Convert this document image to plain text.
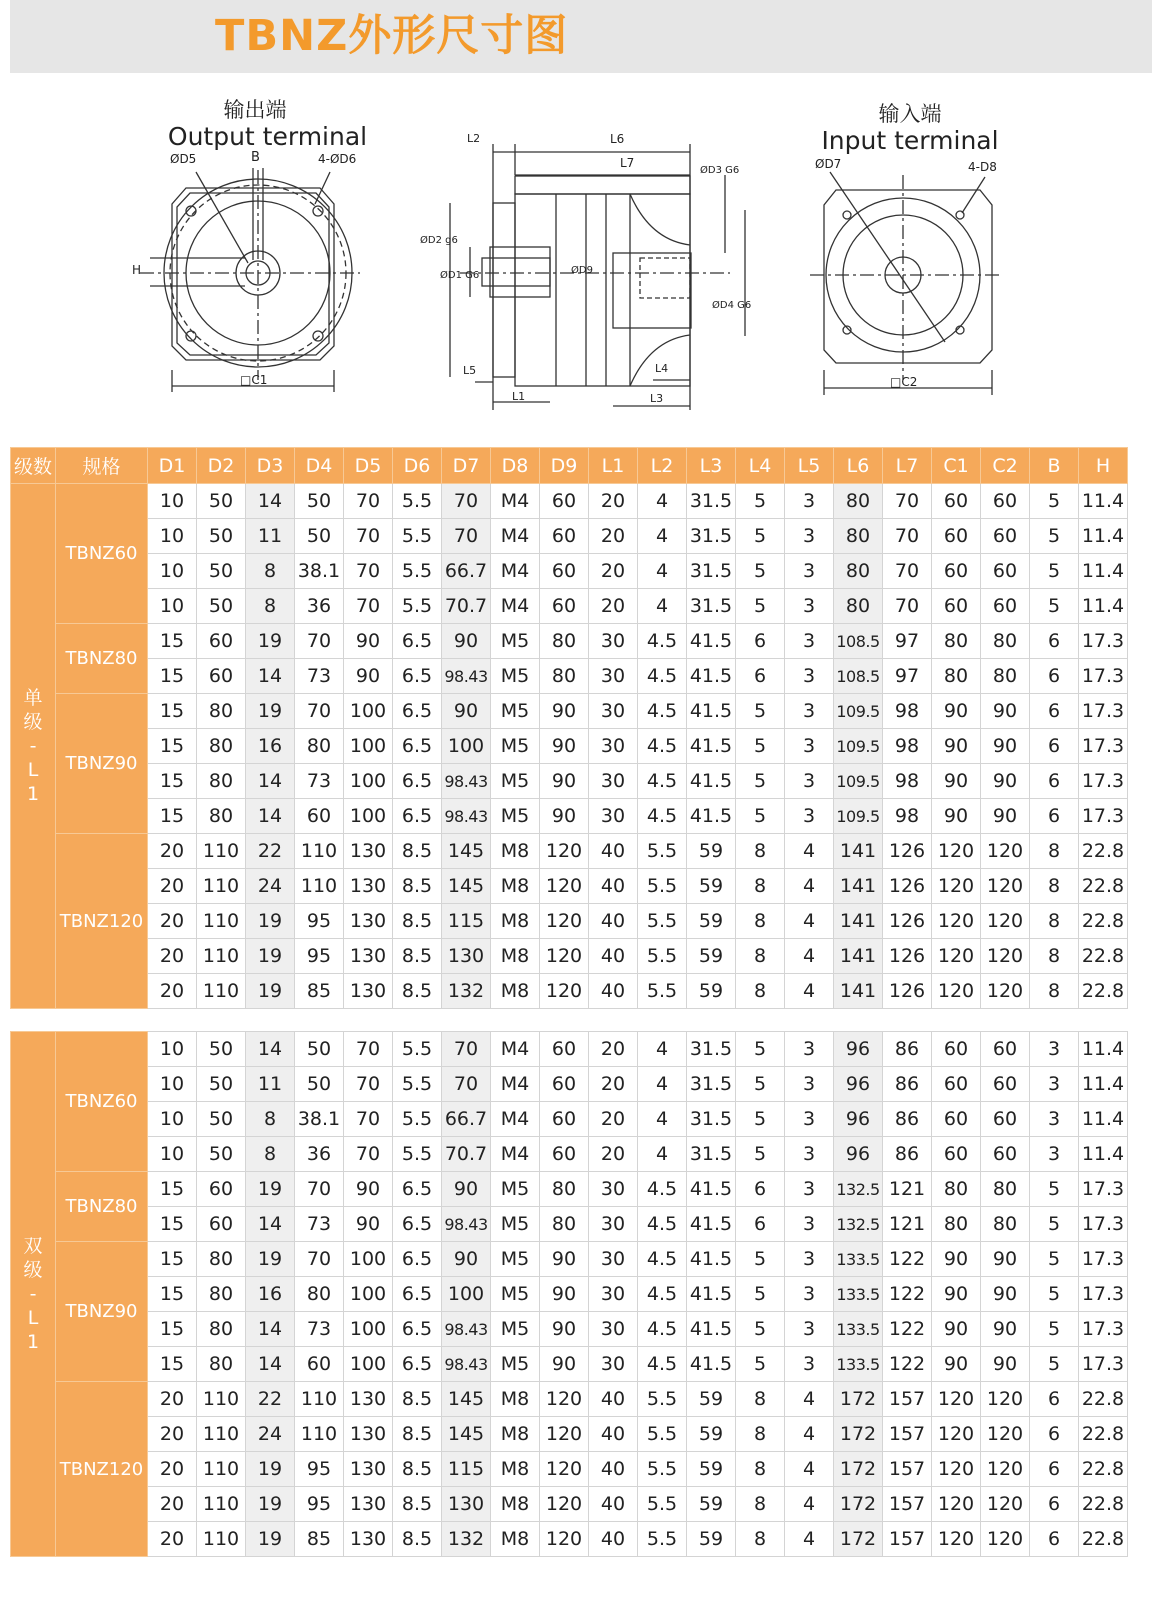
TBNZ外形尺寸图
输出端
Output terminal
ØD5	B	4-ØD6
H
□C1
L2	L6
L7
ØD3 G6
ØD2 g6
ØD1 G6	ØD9
ØD4 G6
L5	L4
L1	L3
输入端
Input terminal
ØD7	4-D8
□C2
级数	规格	D1	D2	D3	D4	D5	D6	D7	D8	D9	L1	L2	L3	L4	L5	L6	L7	C1	C2	B	H
单
级
-
L
1	TBNZ60	10	50	14	50	70	5.5	70	M4	60	20	4	31.5	5	3	80	70	60	60	5	11.4
		10	50	11	50	70	5.5	70	M4	60	20	4	31.5	5	3	80	70	60	60	5	11.4
		10	50	8	38.1	70	5.5	66.7	M4	60	20	4	31.5	5	3	80	70	60	60	5	11.4
		10	50	8	36	70	5.5	70.7	M4	60	20	4	31.5	5	3	80	70	60	60	5	11.4
	TBNZ80	15	60	19	70	90	6.5	90	M5	80	30	4.5	41.5	6	3	108.5	97	80	80	6	17.3
		15	60	14	73	90	6.5	98.43	M5	80	30	4.5	41.5	6	3	108.5	97	80	80	6	17.3
	TBNZ90	15	80	19	70	100	6.5	90	M5	90	30	4.5	41.5	5	3	109.5	98	90	90	6	17.3
		15	80	16	80	100	6.5	100	M5	90	30	4.5	41.5	5	3	109.5	98	90	90	6	17.3
		15	80	14	73	100	6.5	98.43	M5	90	30	4.5	41.5	5	3	109.5	98	90	90	6	17.3
		15	80	14	60	100	6.5	98.43	M5	90	30	4.5	41.5	5	3	109.5	98	90	90	6	17.3
	TBNZ120	20	110	22	110	130	8.5	145	M8	120	40	5.5	59	8	4	141	126	120	120	8	22.8
		20	110	24	110	130	8.5	145	M8	120	40	5.5	59	8	4	141	126	120	120	8	22.8
		20	110	19	95	130	8.5	115	M8	120	40	5.5	59	8	4	141	126	120	120	8	22.8
		20	110	19	95	130	8.5	130	M8	120	40	5.5	59	8	4	141	126	120	120	8	22.8
		20	110	19	85	130	8.5	132	M8	120	40	5.5	59	8	4	141	126	120	120	8	22.8
双
级
-
L
1	TBNZ60	10	50	14	50	70	5.5	70	M4	60	20	4	31.5	5	3	96	86	60	60	3	11.4
		10	50	11	50	70	5.5	70	M4	60	20	4	31.5	5	3	96	86	60	60	3	11.4
		10	50	8	38.1	70	5.5	66.7	M4	60	20	4	31.5	5	3	96	86	60	60	3	11.4
		10	50	8	36	70	5.5	70.7	M4	60	20	4	31.5	5	3	96	86	60	60	3	11.4
	TBNZ80	15	60	19	70	90	6.5	90	M5	80	30	4.5	41.5	6	3	132.5	121	80	80	5	17.3
		15	60	14	73	90	6.5	98.43	M5	80	30	4.5	41.5	6	3	132.5	121	80	80	5	17.3
	TBNZ90	15	80	19	70	100	6.5	90	M5	90	30	4.5	41.5	5	3	133.5	122	90	90	5	17.3
		15	80	16	80	100	6.5	100	M5	90	30	4.5	41.5	5	3	133.5	122	90	90	5	17.3
		15	80	14	73	100	6.5	98.43	M5	90	30	4.5	41.5	5	3	133.5	122	90	90	5	17.3
		15	80	14	60	100	6.5	98.43	M5	90	30	4.5	41.5	5	3	133.5	122	90	90	5	17.3
	TBNZ120	20	110	22	110	130	8.5	145	M8	120	40	5.5	59	8	4	172	157	120	120	6	22.8
		20	110	24	110	130	8.5	145	M8	120	40	5.5	59	8	4	172	157	120	120	6	22.8
		20	110	19	95	130	8.5	115	M8	120	40	5.5	59	8	4	172	157	120	120	6	22.8
		20	110	19	95	130	8.5	130	M8	120	40	5.5	59	8	4	172	157	120	120	6	22.8
		20	110	19	85	130	8.5	132	M8	120	40	5.5	59	8	4	172	157	120	120	6	22.8
